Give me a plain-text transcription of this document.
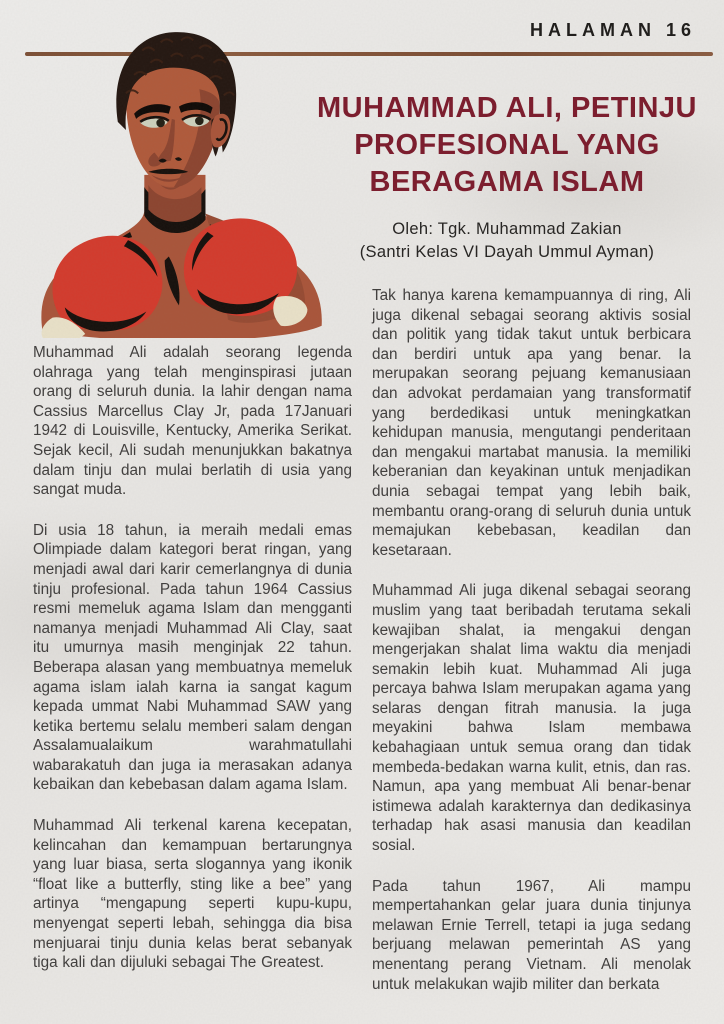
HALAMAN 16
MUHAMMAD ALI, PETINJU
PROFESIONAL YANG
BERAGAMA ISLAM
Oleh: Tgk. Muhammad Zakian
(Santri Kelas VI Dayah Ummul Ayman)

Muhammad Ali adalah seorang legenda olahraga yang telah menginspirasi jutaan orang di seluruh dunia. Ia lahir dengan nama Cassius Marcellus Clay Jr, pada 17Januari 1942 di Louisville, Kentucky, Amerika Serikat. Sejak kecil, Ali sudah menunjukkan bakatnya dalam tinju dan mulai berlatih di usia yang sangat muda.

Di usia 18 tahun, ia meraih medali emas Olimpiade dalam kategori berat ringan, yang menjadi awal dari karir cemerlangnya di dunia tinju profesional. Pada tahun 1964 Cassius resmi memeluk agama Islam dan mengganti namanya menjadi Muhammad Ali Clay, saat itu umurnya masih menginjak 22 tahun. Beberapa alasan yang membuatnya memeluk agama islam ialah karna ia sangat kagum kepada ummat Nabi Muhammad SAW yang ketika bertemu selalu memberi salam dengan Assalamualaikum warahmatullahi wabarakatuh dan juga ia merasakan adanya kebaikan dan kebebasan dalam agama Islam.

Muhammad Ali terkenal karena kecepatan, kelincahan dan kemampuan bertarungnya yang luar biasa, serta slogannya yang ikonik “float like a butterfly, sting like a bee” yang artinya “mengapung seperti kupu-kupu, menyengat seperti lebah, sehingga dia bisa menjuarai tinju dunia kelas berat sebanyak tiga kali dan dijuluki sebagai The Greatest.

Tak hanya karena kemampuannya di ring, Ali juga dikenal sebagai seorang aktivis sosial dan politik yang tidak takut untuk berbicara dan berdiri untuk apa yang benar. Ia merupakan seorang pejuang kemanusiaan dan advokat perdamaian yang transformatif yang berdedikasi untuk meningkatkan kehidupan manusia, mengutangi penderitaan dan mengakui martabat manusia. Ia memiliki keberanian dan keyakinan untuk menjadikan dunia sebagai tempat yang lebih baik, membantu orang-orang di seluruh dunia untuk memajukan kebebasan, keadilan dan kesetaraan.

Muhammad Ali juga dikenal sebagai seorang muslim yang taat beribadah terutama sekali kewajiban shalat, ia mengakui dengan mengerjakan shalat lima waktu dia menjadi semakin lebih kuat. Muhammad Ali juga percaya bahwa Islam merupakan agama yang selaras dengan fitrah manusia. Ia juga meyakini bahwa Islam membawa kebahagiaan untuk semua orang dan tidak membeda-bedakan warna kulit, etnis, dan ras. Namun, apa yang membuat Ali benar-benar istimewa adalah karakternya dan dedikasinya terhadap hak asasi manusia dan keadilan sosial.

Pada tahun 1967, Ali mampu mempertahankan gelar juara dunia tinjunya melawan Ernie Terrell, tetapi ia juga sedang berjuang melawan pemerintah AS yang menentang perang Vietnam. Ali menolak untuk melakukan wajib militer dan berkata
